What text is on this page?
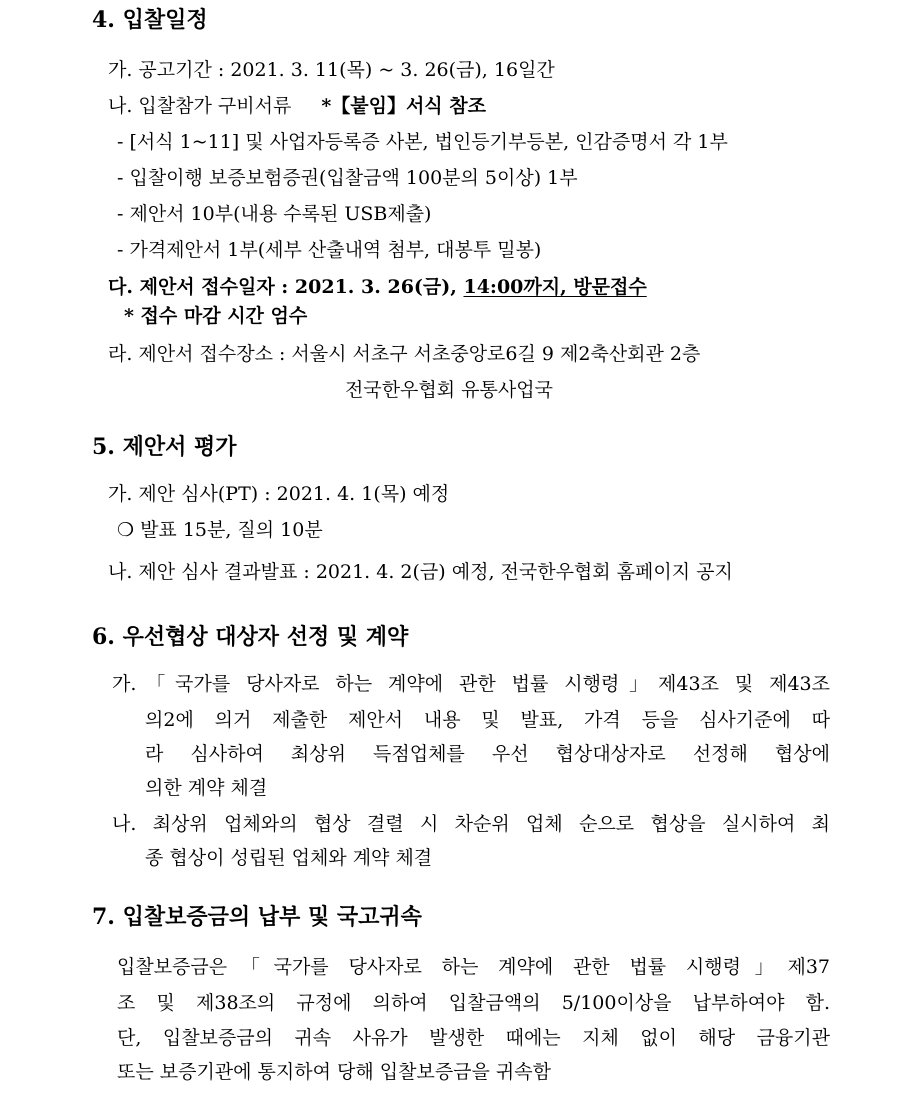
4. 입찰일정
가. 공고기간 : 2021. 3. 11(목) ~ 3. 26(금), 16일간
나. 입찰참가 구비서류 *【붙임】서식 참조
- [서식 1~11] 및 사업자등록증 사본, 법인등기부등본, 인감증명서 각 1부
- 입찰이행 보증보험증권(입찰금액 100분의 5이상) 1부
- 제안서 10부(내용 수록된 USB제출)
- 가격제안서 1부(세부 산출내역 첨부, 대봉투 밀봉)
다. 제안서 접수일자 : 2021. 3. 26(금), 14:00까지, 방문접수
* 접수 마감 시간 엄수
라. 제안서 접수장소 : 서울시 서초구 서초중앙로6길 9 제2축산회관 2층
전국한우협회 유통사업국
5. 제안서 평가
가. 제안 심사(PT) : 2021. 4. 1(목) 예정
❍ 발표 15분, 질의 10분
나. 제안 심사 결과발표 : 2021. 4. 2(금) 예정, 전국한우협회 홈페이지 공지
6. 우선협상 대상자 선정 및 계약
가.「국가를 당사자로 하는 계약에 관한 법률 시행령」제43조 및 제43조
의2에 의거 제출한 제안서 내용 및 발표, 가격 등을 심사기준에 따
라 심사하여 최상위 득점업체를 우선 협상대상자로 선정해 협상에
의한 계약 체결
나. 최상위 업체와의 협상 결렬 시 차순위 업체 순으로 협상을 실시하여 최
종 협상이 성립된 업체와 계약 체결
7. 입찰보증금의 납부 및 국고귀속
입찰보증금은「국가를 당사자로 하는 계약에 관한 법률 시행령」제37
조 및 제38조의 규정에 의하여 입찰금액의 5/100이상을 납부하여야 함.
단, 입찰보증금의 귀속 사유가 발생한 때에는 지체 없이 해당 금융기관
또는 보증기관에 통지하여 당해 입찰보증금을 귀속함
